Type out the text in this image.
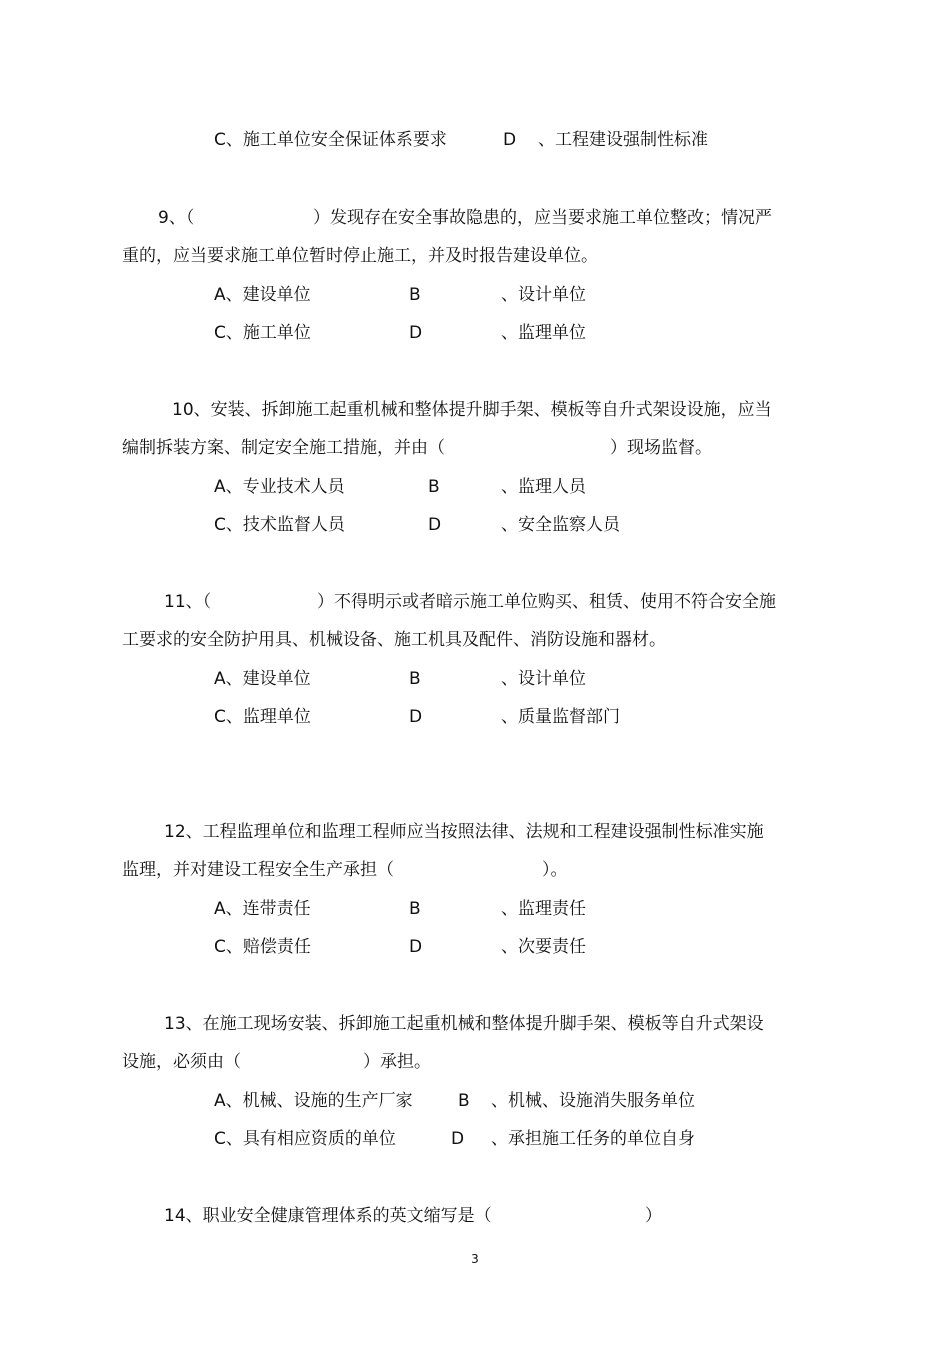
C、施工单位安全保证体系要求	D 、工程建设强制性标准
9、（	）发现存在安全事故隐患的，应当要求施工单位整改；情况严
重的，应当要求施工单位暂时停止施工，并及时报告建设单位。
A、建设单位	B	、设计单位
C、施工单位	D	、监理单位
10、安装、拆卸施工起重机械和整体提升脚手架、模板等自升式架设设施，应当
编制拆装方案、制定安全施工措施，并由（	）现场监督。
A、专业技术人员	B	、监理人员
C、技术监督人员	D	、安全监察人员
11、（	）不得明示或者暗示施工单位购买、租赁、使用不符合安全施
工要求的安全防护用具、机械设备、施工机具及配件、消防设施和器材。
A、建设单位	B	、设计单位
C、监理单位	D	、质量监督部门
12、工程监理单位和监理工程师应当按照法律、法规和工程建设强制性标准实施
监理，并对建设工程安全生产承担（	）。
A、连带责任	B	、监理责任
C、赔偿责任	D	、次要责任
13、在施工现场安装、拆卸施工起重机械和整体提升脚手架、模板等自升式架设
设施，必须由（	）承担。
A、机械、设施的生产厂家	B 、机械、设施消失服务单位
C、具有相应资质的单位	D 、承担施工任务的单位自身
14、职业安全健康管理体系的英文缩写是（	）
3
